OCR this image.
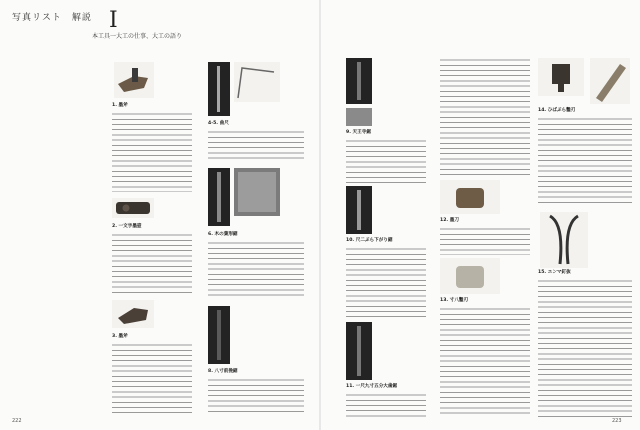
写真リスト　解説 I
本工具一大工の仕事、大工の語り
1. 墨斧
2. 一文字墨壺
3. 墨斧
4-5. 曲尺
6. 木の葉形鋸
8. 八寸前挽鋸
222
9. 天王寺鋸
10. 尺二ぶら下がり鋸
11. 一尺九寸五分大歯鋸
12. 墨刀
13. 寸八鑿刃
14. ひばぶら鑿刃
15. エンマ釘抜
223
